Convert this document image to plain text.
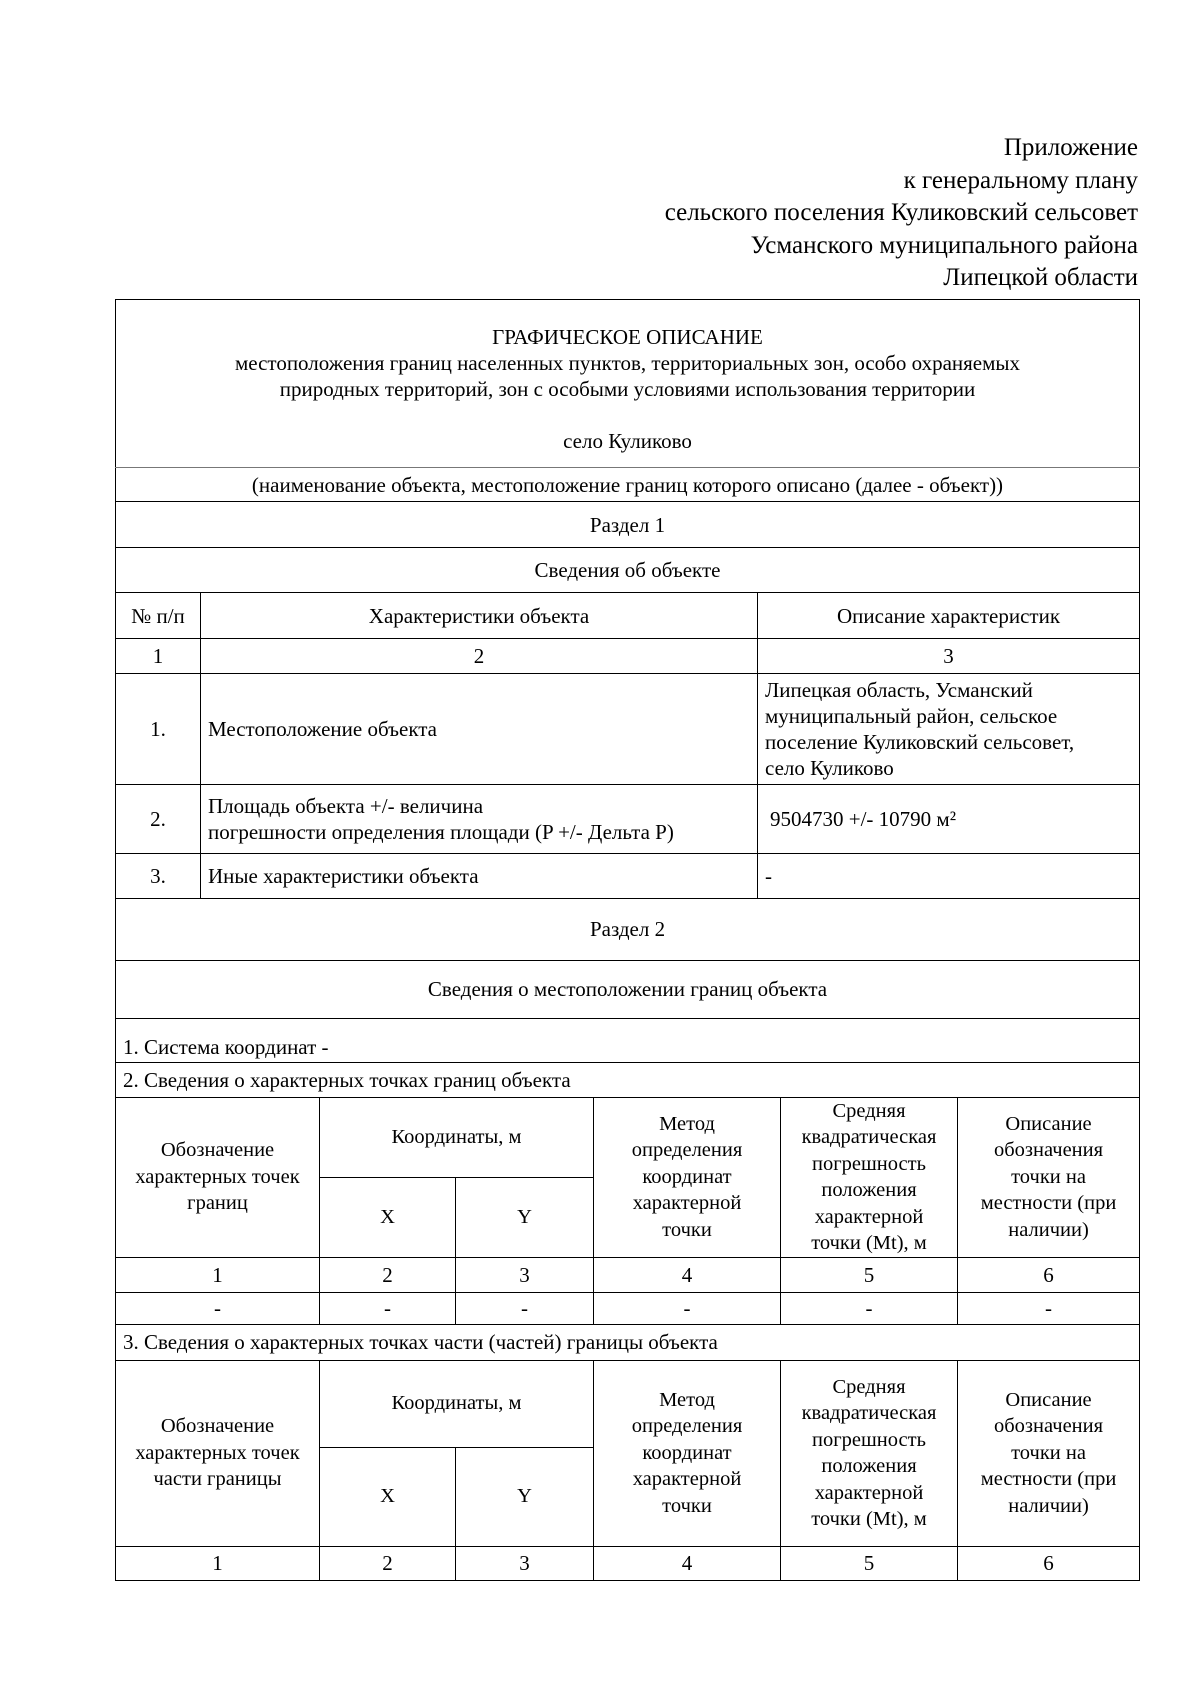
Приложение
к генеральному плану
сельского поселения Куликовский сельсовет
Усманского муниципального района
Липецкой области
ГРАФИЧЕСКОЕ ОПИСАНИЕ
местоположения границ населенных пунктов, территориальных зон, особо охраняемых
природных территорий, зон с особыми условиями использования территории
село Куликово		

(наименование объекта, местоположение границ которого описано (далее - объект))		
Раздел 1		
Сведения об объекте		
№ п/п	Характеристики объекта	Описание характеристик
1	2	3
1.	Местоположение объекта	Липецкая область, Усманский
муниципальный район, сельское
поселение Куликовский сельсовет,
село Куликово

2.	Площадь объекта +/- величина
погрешности определения площади (P +/- Дельта P)	9504730 +/- 10790 м²
3.	Иные характеристики объекта	-
Раздел 2					
Сведения о местоположении границ объекта					
1. Система координат -					
2. Сведения о характерных точках границ объекта					

Обозначение
характерных точек
границ
	Координаты, м	
Метод
определения
координат
характерной
точки

Средняя
квадратическая
погрешность
положения
характерной
точки (Mt), м

Описание
обозначения
точки на
местности (при
наличии)

	X	Y			
1	2	3	4	5	6
-	-	-	-	-	-
3. Сведения о характерных точках части (частей) границы объекта					

Обозначение
характерных точек
части границы
	Координаты, м	Метод
определения
координат
характерной
точки

Средняя
квадратическая
погрешность
положения
характерной
точки (Mt), м

Описание
обозначения
точки на
местности (при
наличии)

	X	Y			
1	2	3	4	5	6
